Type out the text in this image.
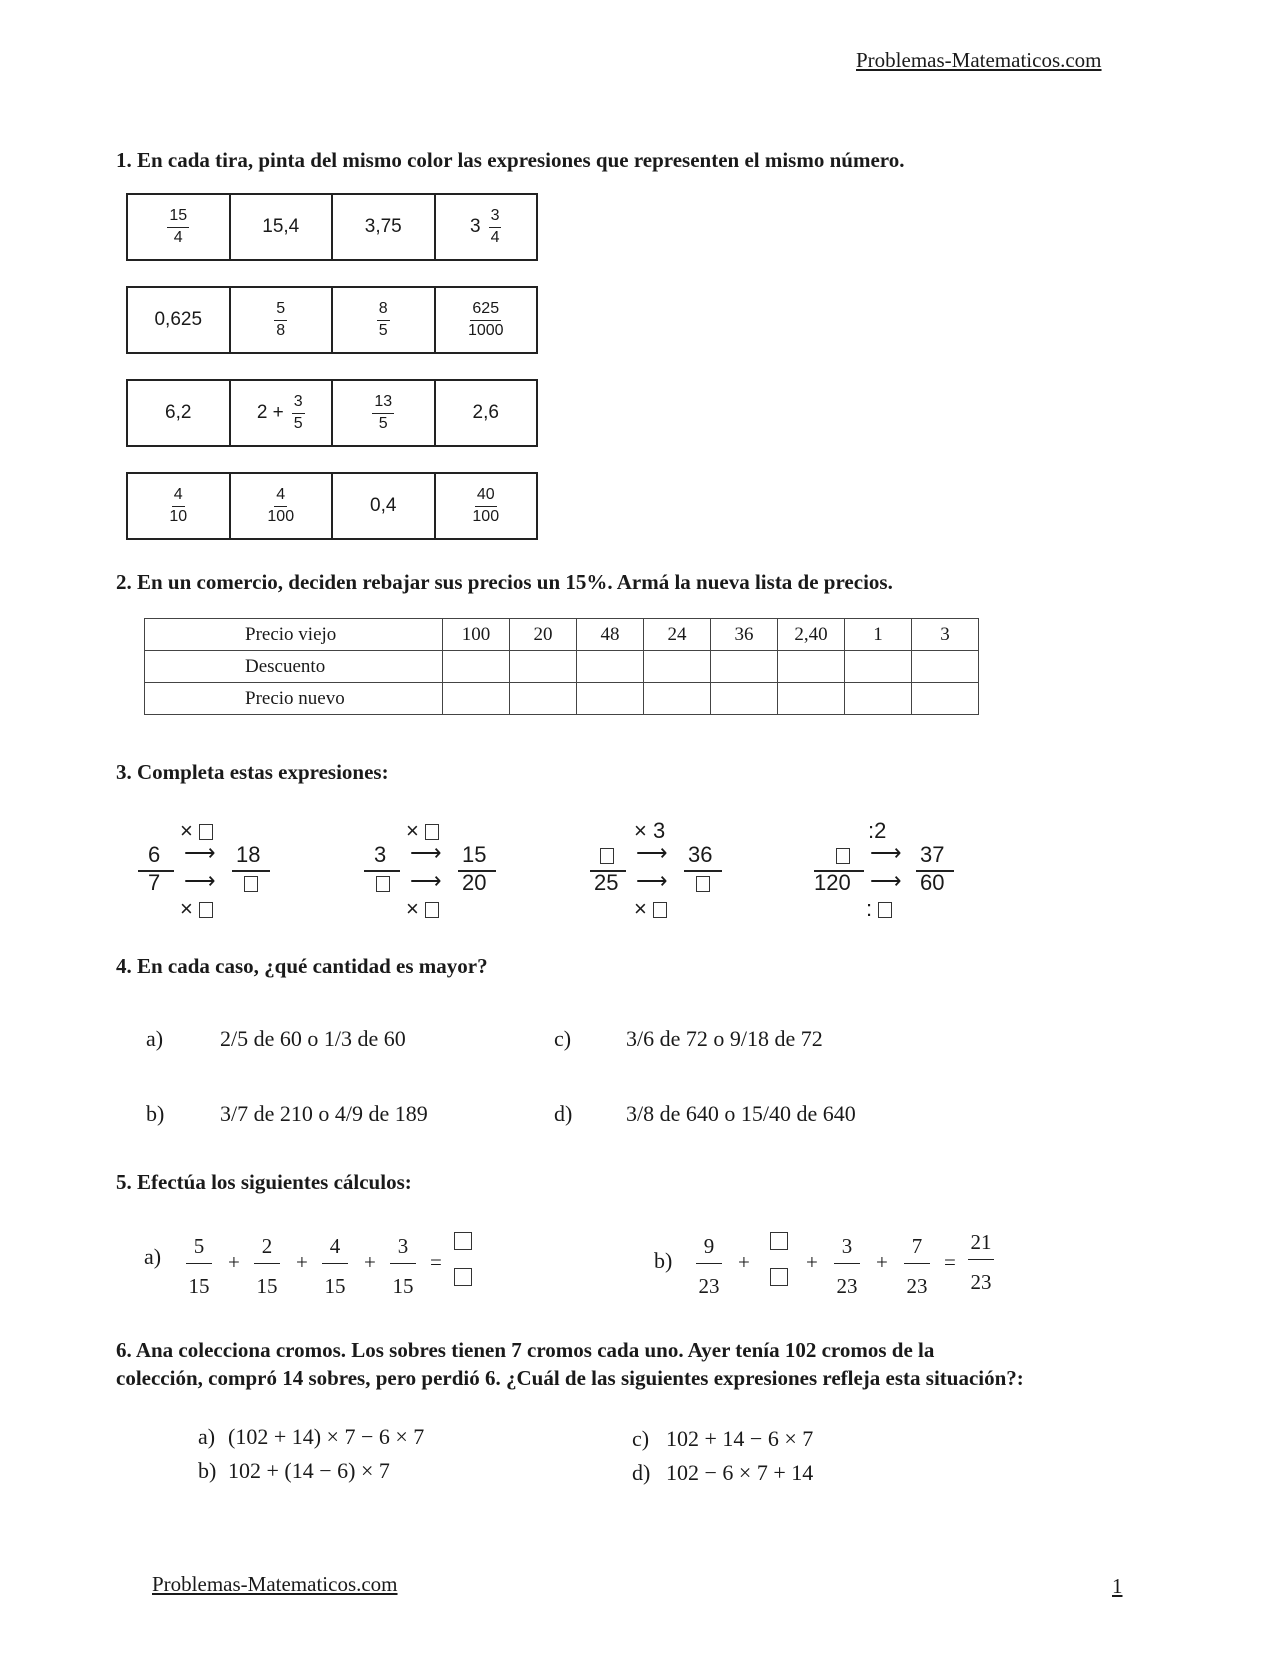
Problemas-Matematicos.com
1. En cada tira, pinta del mismo color las expresiones que representen el mismo número.
$\frac{15}{4}$	15,4	3,75	$3 \frac{3}{4}$
0,625	$\frac{5}{8}$	$\frac{8}{5}$	$\frac{625}{1000}$
6,2	$2 + \frac{3}{5}$	$\frac{13}{5}$	2,6
$\frac{4}{10}$	$\frac{4}{100}$	0,4	$\frac{40}{100}$
2. En un comercio, deciden rebajar sus precios un 15%. Armá la nueva lista de precios.
Precio viejo	100	20	48	24	36	2,40	1	3
Descuento								
Precio nuevo								
3. Completa estas expresiones:
×
6
7
⟶
⟶
18
×
×
3 ⟶
⟶
15
20
×
× 3
25
⟶
⟶
36
×
:2
120
⟶
⟶
37
60
:
4. En cada caso, ¿qué cantidad es mayor?
a)	2/5 de 60 o 1/3 de 60
b)	3/7 de 210 o 4/9 de 189
c) 3/6 de 72 o 9/18 de 72
d) 3/8 de 640 o 15/40 de 640
5. Efectúa los siguientes cálculos:
a)	5
15
+
2
15
+
4
15
+
3
15
=	b)
9
23
+	+
3
23
+
7
23
=
21
23
6. Ana colecciona cromos. Los sobres tienen 7 cromos cada uno. Ayer tenía 102 cromos de la
colección, compró 14 sobres, pero perdió 6. ¿Cuál de las siguientes expresiones refleja esta situación?:
a) (102 + 14) × 7 − 6 × 7
b) 102 + (14 − 6) × 7
c) 102 + 14 − 6 × 7
d) 102 − 6 × 7 + 14
Problemas-Matematicos.com	1
